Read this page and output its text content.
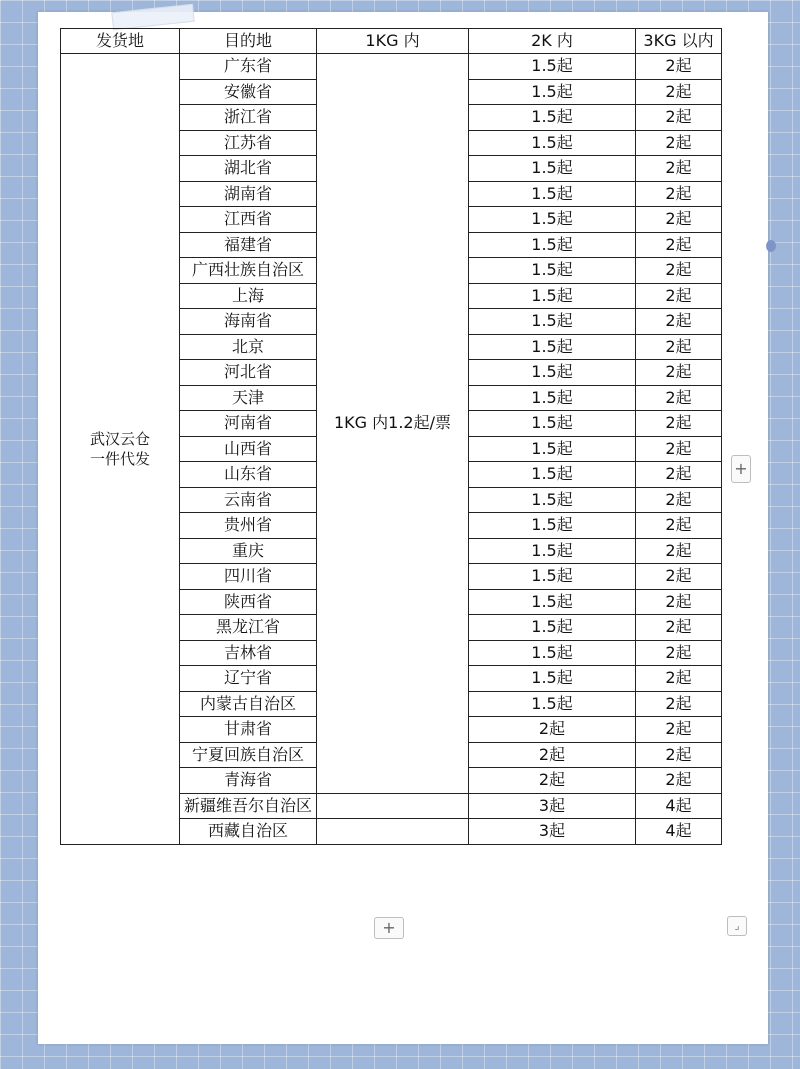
发货地	目的地	1KG 内	2K 内	3KG 以内

武汉云仓
一件代发	广东省	1KG 内1.2起/票	1.5起	2起
	安徽省		1.5起	2起
	浙江省		1.5起	2起
	江苏省		1.5起	2起
	湖北省		1.5起	2起
	湖南省		1.5起	2起
	江西省		1.5起	2起
	福建省		1.5起	2起
	广西壮族自治区		1.5起	2起
	上海		1.5起	2起
	海南省		1.5起	2起
	北京		1.5起	2起
	河北省		1.5起	2起
	天津		1.5起	2起
	河南省		1.5起	2起
	山西省		1.5起	2起
	山东省		1.5起	2起
	云南省		1.5起	2起
	贵州省		1.5起	2起
	重庆		1.5起	2起
	四川省		1.5起	2起
	陕西省		1.5起	2起
	黑龙江省		1.5起	2起
	吉林省		1.5起	2起
	辽宁省		1.5起	2起
	内蒙古自治区		1.5起	2起
	甘肃省		2起	2起
	宁夏回族自治区		2起	2起
	青海省		2起	2起
	新疆维吾尔自治区		3起	4起
	西藏自治区		3起	4起
+
+	⌟
